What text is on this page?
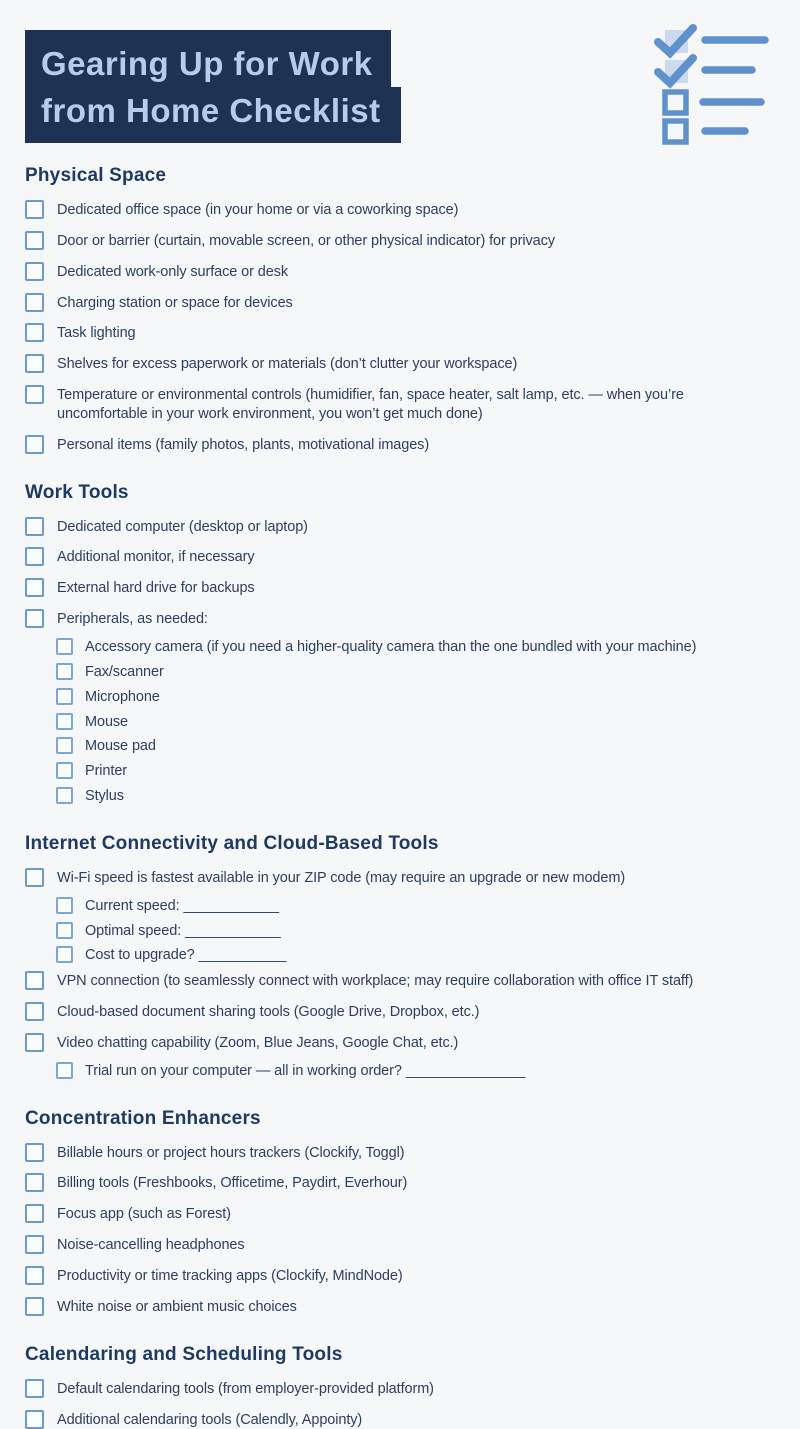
Gearing Up for Work
from Home Checklist
Physical Space
Dedicated office space (in your home or via a coworking space)
Door or barrier (curtain, movable screen, or other physical indicator) for privacy
Dedicated work-only surface or desk
Charging station or space for devices
Task lighting
Shelves for excess paperwork or materials (don’t clutter your workspace)
Temperature or environmental controls (humidifier, fan, space heater, salt lamp, etc. — when you’re uncomfortable in your work environment, you won’t get much done)
Personal items (family photos, plants, motivational images)
Work Tools
Dedicated computer (desktop or laptop)
Additional monitor, if necessary
External hard drive for backups
Peripherals, as needed:
Accessory camera (if you need a higher-quality camera than the one bundled with your machine)
Fax/scanner
Microphone
Mouse
Mouse pad
Printer
Stylus
Internet Connectivity and Cloud-Based Tools
Wi-Fi speed is fastest available in your ZIP code (may require an upgrade or new modem)
Current speed: ____________
Optimal speed: ____________
Cost to upgrade? ___________
VPN connection (to seamlessly connect with workplace; may require collaboration with office IT staff)
Cloud-based document sharing tools (Google Drive, Dropbox, etc.)
Video chatting capability (Zoom, Blue Jeans, Google Chat, etc.)
Trial run on your computer — all in working order? _______________
Concentration Enhancers
Billable hours or project hours trackers (Clockify, Toggl)
Billing tools (Freshbooks, Officetime, Paydirt, Everhour)
Focus app (such as Forest)
Noise-cancelling headphones
Productivity or time tracking apps (Clockify, MindNode)
White noise or ambient music choices
Calendaring and Scheduling Tools
Default calendaring tools (from employer-provided platform)
Additional calendaring tools (Calendly, Appointy)
